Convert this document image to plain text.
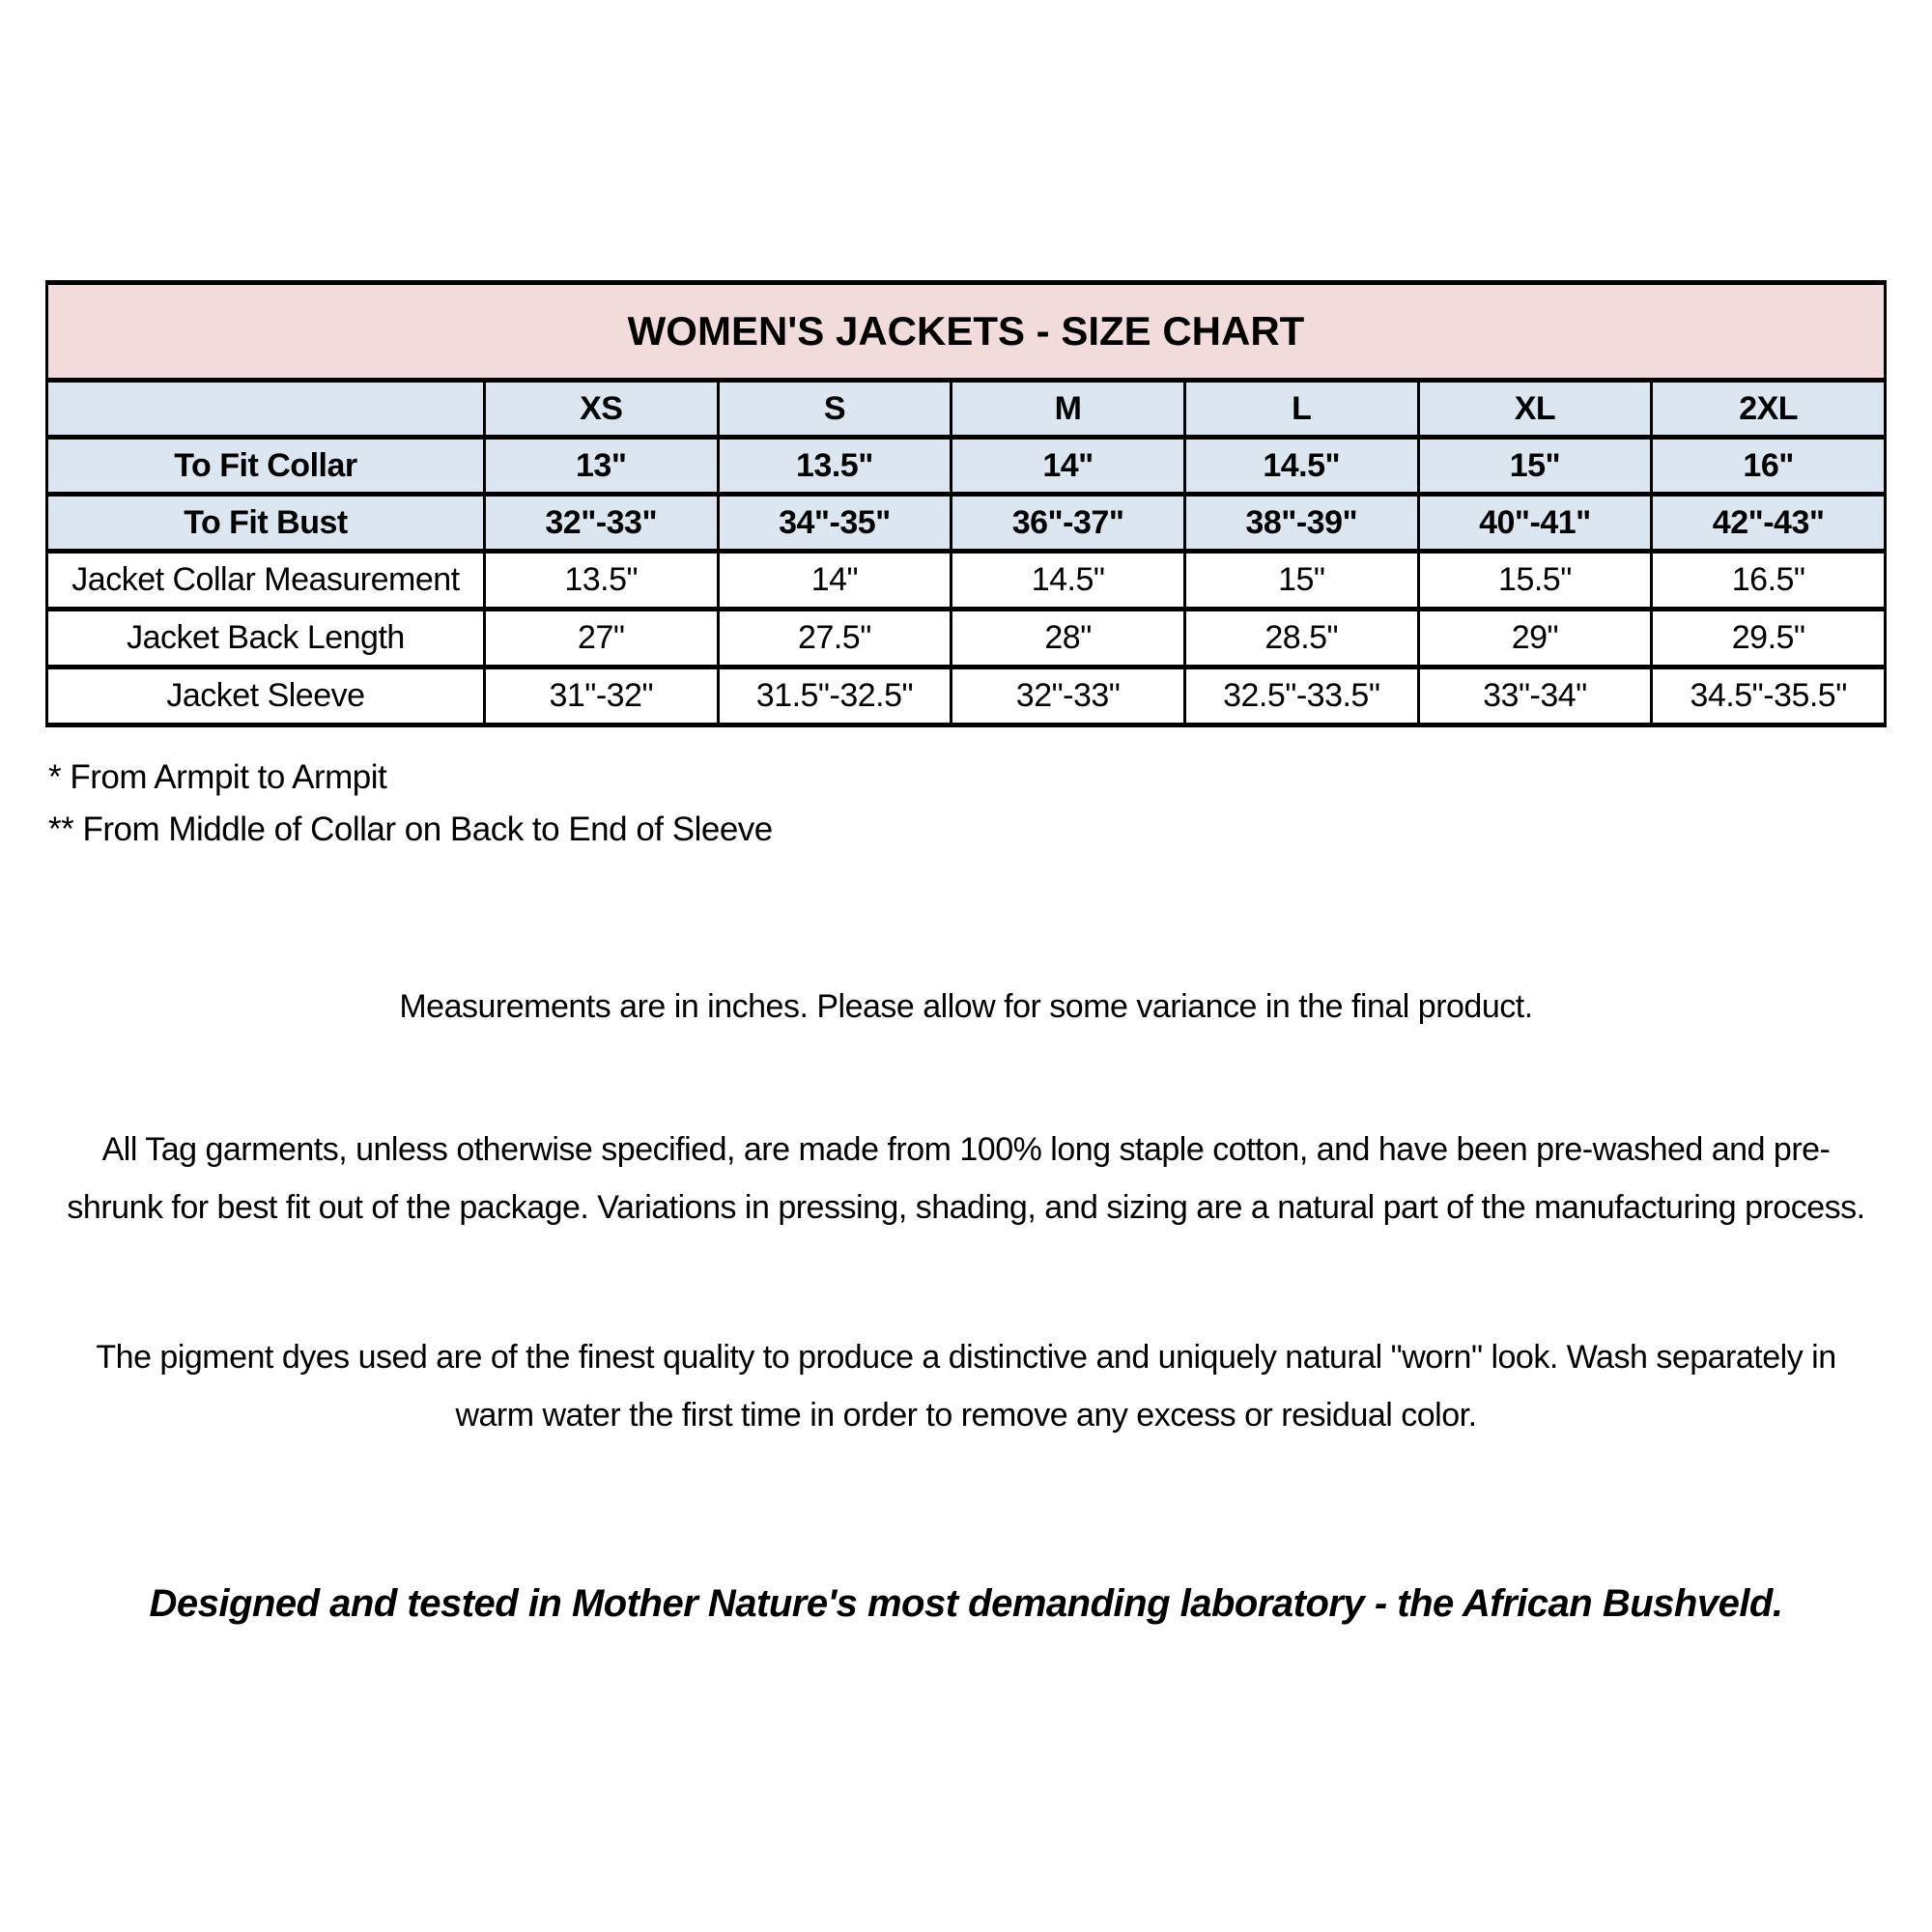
WOMEN'S JACKETS - SIZE CHART						
	XS	S	M	L	XL	2XL
To Fit Collar	13"	13.5"	14"	14.5"	15"	16"
To Fit Bust	32"-33"	34"-35"	36"-37"	38"-39"	40"-41"	42"-43"
Jacket Collar Measurement	13.5"	14"	14.5"	15"	15.5"	16.5"
Jacket Back Length	27"	27.5"	28"	28.5"	29"	29.5"
Jacket Sleeve	31"-32"	31.5"-32.5"	32"-33"	32.5"-33.5"	33"-34"	34.5"-35.5"
* From Armpit to Armpit
** From Middle of Collar on Back to End of Sleeve
Measurements are in inches. Please allow for some variance in the final product.
All Tag garments, unless otherwise specified, are made from 100% long staple cotton, and have been pre-washed and pre-shrunk for best fit out of the package. Variations in pressing, shading, and sizing are a natural part of the manufacturing process.
The pigment dyes used are of the finest quality to produce a distinctive and uniquely natural "worn" look. Wash separately in warm water the first time in order to remove any excess or residual color.
Designed and tested in Mother Nature's most demanding laboratory - the African Bushveld.
